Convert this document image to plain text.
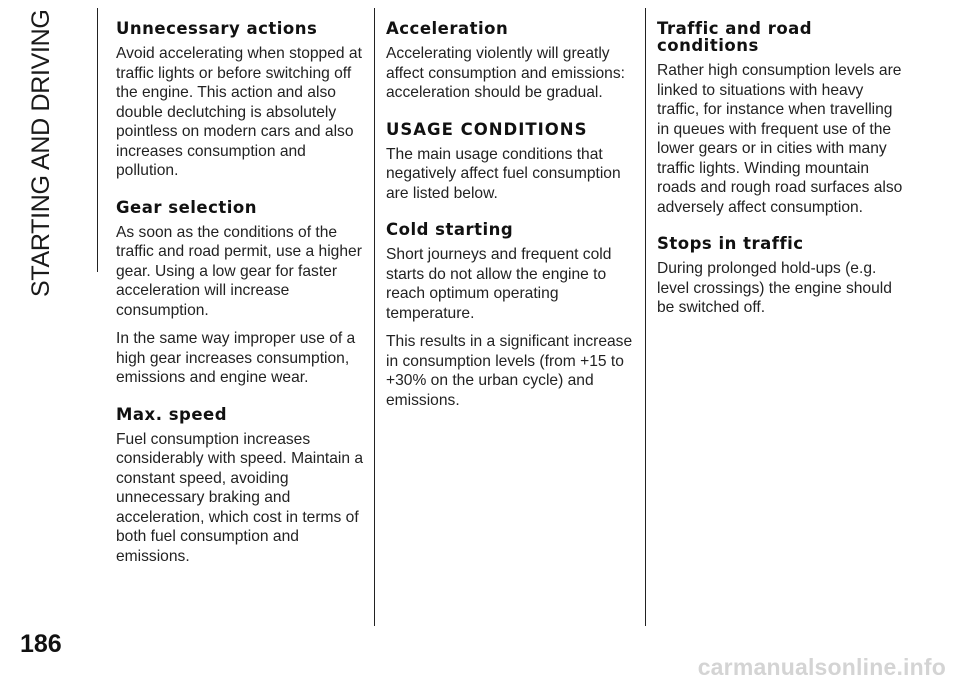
STARTING AND DRIVING
186
Unnecessary actions

Avoid accelerating when stopped at traffic lights or before switching off the engine. This action and also double declutching is absolutely pointless on modern cars and also increases consumption and pollution.

Gear selection

As soon as the conditions of the traffic and road permit, use a higher gear. Using a low gear for faster acceleration will increase consumption.

In the same way improper use of a high gear increases consumption, emissions and engine wear.

Max. speed

Fuel consumption increases considerably with speed. Maintain a constant speed, avoiding unnecessary braking and acceleration, which cost in terms of both fuel consumption and emissions.

Acceleration

Accelerating violently will greatly affect consumption and emissions: acceleration should be gradual.

USAGE CONDITIONS

The main usage conditions that negatively affect fuel consumption are listed below.

Cold starting

Short journeys and frequent cold starts do not allow the engine to reach optimum operating temperature.

This results in a significant increase in consumption levels (from +15 to +30% on the urban cycle) and emissions.

Traffic and road conditions

Rather high consumption levels are linked to situations with heavy traffic, for instance when travelling in queues with frequent use of the lower gears or in cities with many traffic lights. Winding mountain roads and rough road surfaces also adversely affect consumption.

Stops in traffic

During prolonged hold-ups (e.g. level crossings) the engine should be switched off.

carmanualsonline.info
